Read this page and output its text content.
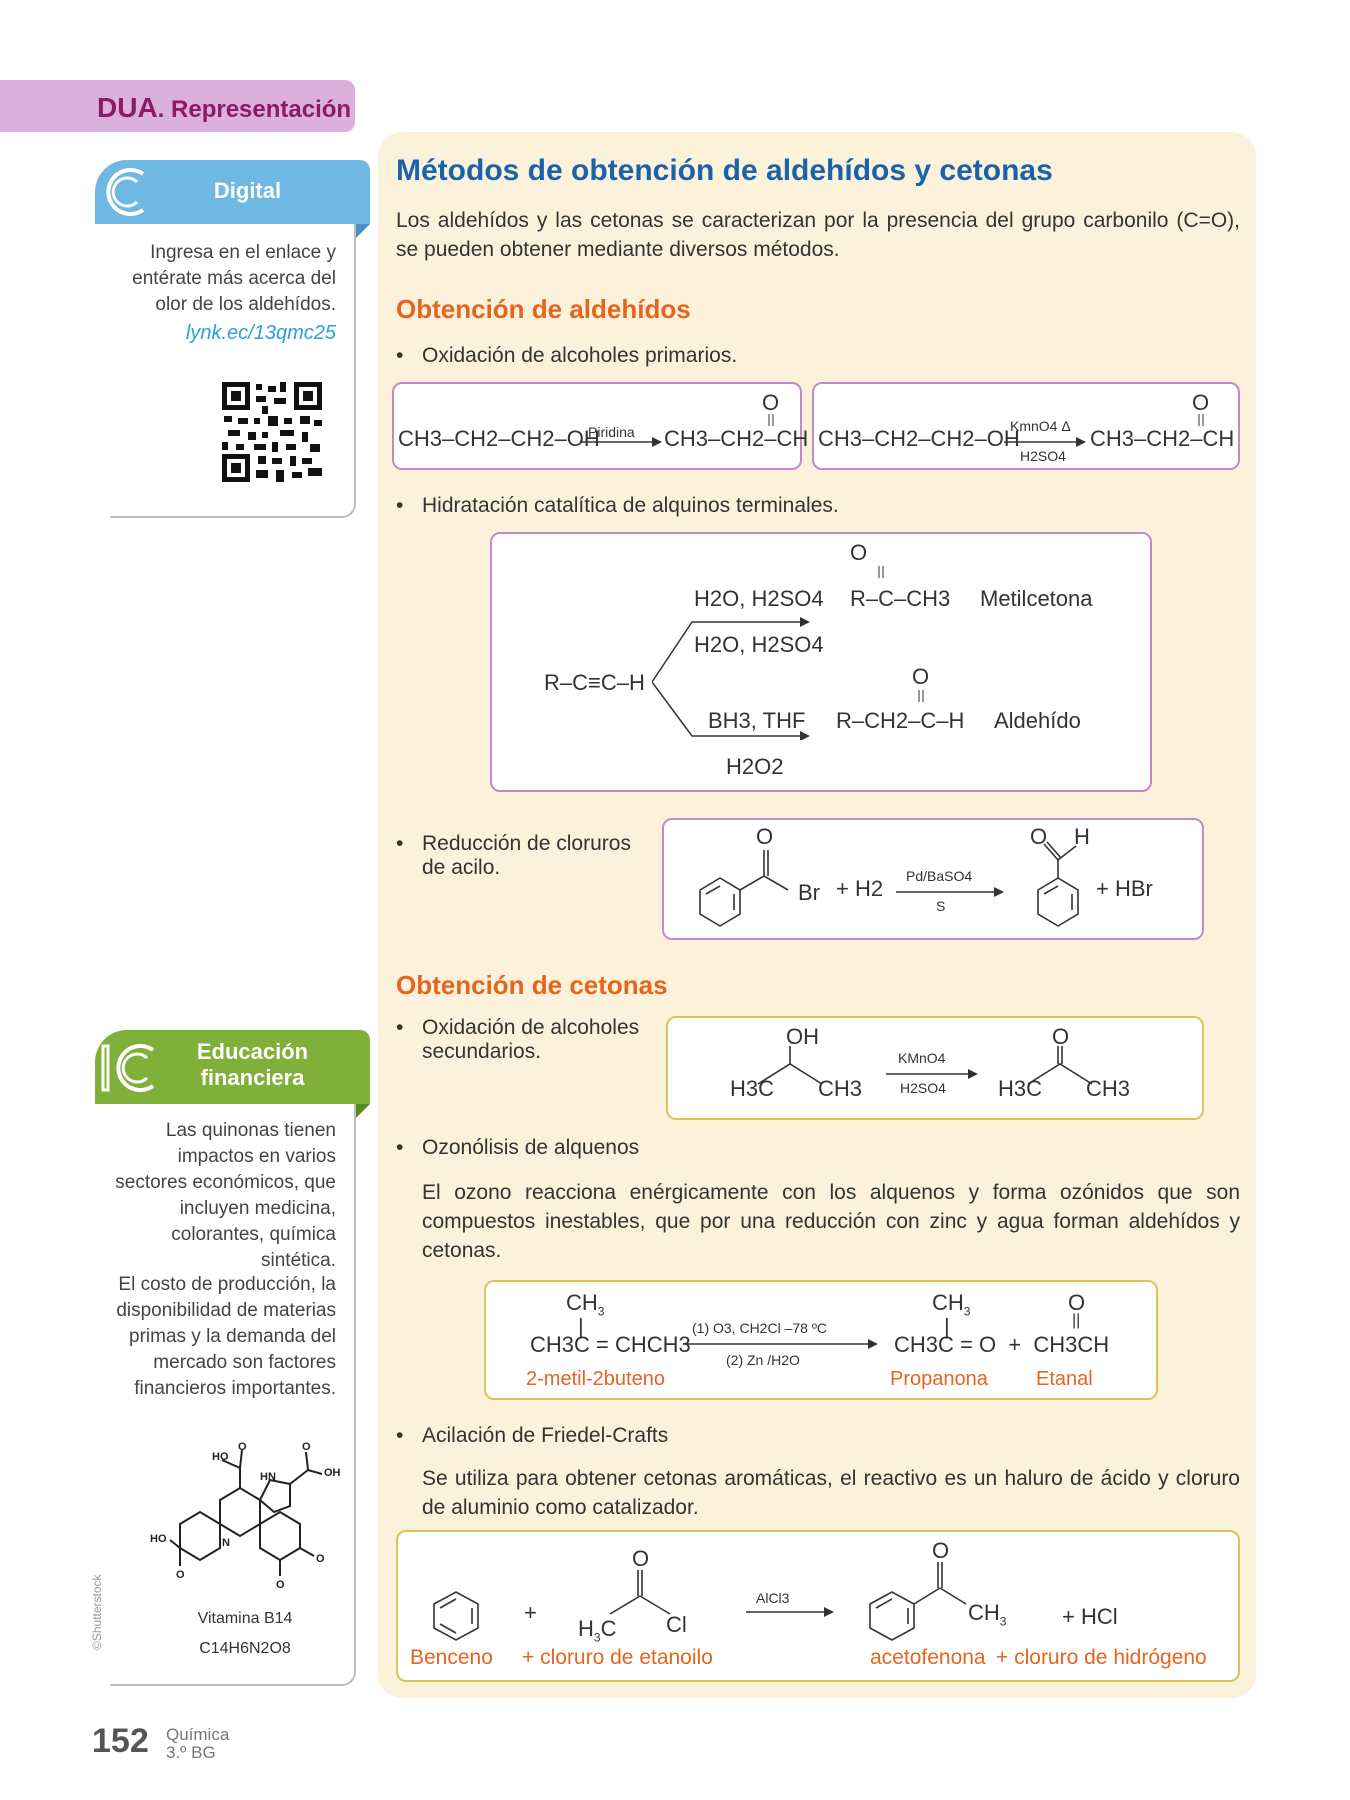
DUA. Representación
Digital
Ingresa en el enlace y entérate más acerca del olor de los aldehídos.
lynk.ec/13qmc25
Educación
financiera
Las quinonas tienen impactos en varios sectores económicos, que incluyen medicina, colorantes, química sintética.
El costo de producción, la disponibilidad de materias primas y la demanda del mercado son factores financieros importantes.
HO
O
HN
O
OH
HO
O
N
O
O
Vitamina B14
C14H6N2O8
©Shutterstock
Métodos de obtención de aldehídos y cetonas
Los aldehídos y las cetonas se caracterizan por la presencia del grupo carbonilo (C=O), se pueden obtener mediante diversos métodos.
Obtención de aldehídos
• Oxidación de alcoholes primarios.
CH3–CH2–CH2–OH
Piridina CH3–CH2–CH
O
CH3–CH2–CH2–OH
KmnO4 Δ
H2SO4
CH3–CH2–CH
O
• Hidratación catalítica de alquinos terminales.
R–C≡C–H
H2O, H2SO4
H2O, H2SO4
O
R–C–CH3 Metilcetona
BH3, THF
H2O2
O
R–CH2–C–H Aldehído
• Reducción de cloruros
de acilo.
O
Br + H2 Pd/BaSO4
S
O H
+ HBr
Obtención de cetonas
• Oxidación de alcoholes
secundarios.
OH
H3C CH3
KMnO4
H2SO4
O
H3C CH3
• Ozonólisis de alquenos
El ozono reacciona enérgicamente con los alquenos y forma ozónidos que son compuestos inestables, que por una reducción con zinc y agua forman aldehídos y cetonas.
$CH_3$
|
CH3C = CHCH3
(1) O3, CH2Cl –78 ºC
(2) Zn /H2O
$CH_3$
|
O
||
CH3C = O  +  CH3CH
2-metil-2buteno	Propanona Etanal
• Acilación de Friedel-Crafts
Se utiliza para obtener cetonas aromáticas, el reactivo es un haluro de ácido y cloruro de aluminio como catalizador.
+
O
$H_3C$ Cl
AlCl3
O
$CH_3$	+ HCl
Benceno + cloruro de etanoilo	acetofenona + cloruro de hidrógeno
152 Química
3.º BG
